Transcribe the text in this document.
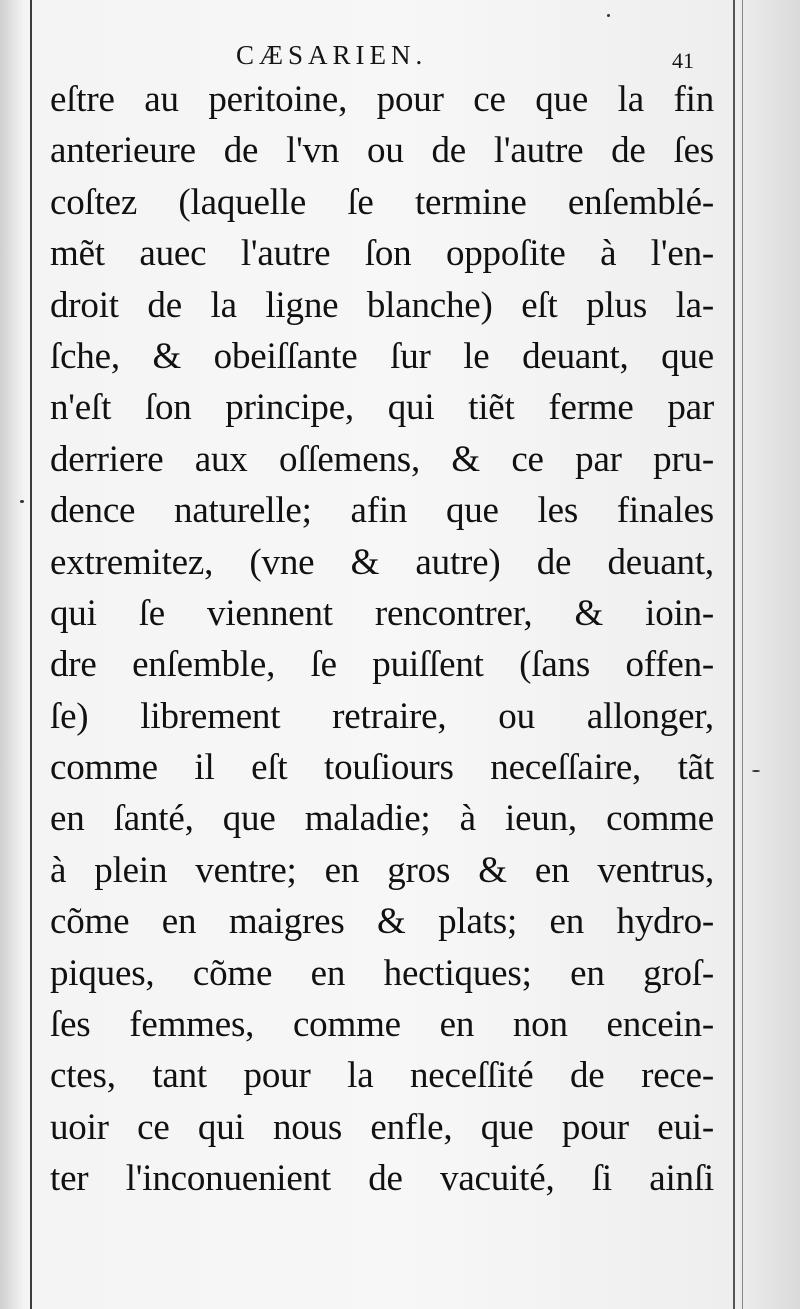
CÆSARIEN.	41
eſtre au peritoine, pour ce que la fin
anterieure de l'vn ou de l'autre de ſes
coſtez (laquelle ſe termine enſemblé-
mẽt auec l'autre ſon oppoſite à l'en-
droit de la ligne blanche) eſt plus la-
ſche, & obeiſſante ſur le deuant, que
n'eſt ſon principe, qui tiẽt ferme par
derriere aux oſſemens, & ce par pru-
dence naturelle; afin que les finales
extremitez, (vne & autre) de deuant,
qui ſe viennent rencontrer, & ioin-
dre enſemble, ſe puiſſent (ſans offen-
ſe) librement retraire, ou allonger,
comme il eſt touſiours neceſſaire, tãt
en ſanté, que maladie; à ieun, comme
à plein ventre; en gros & en ventrus,
cõme en maigres & plats; en hydro-
piques, cõme en hectiques; en groſ-
ſes femmes, comme en non encein-
ctes, tant pour la neceſſité de rece-
uoir ce qui nous enfle, que pour eui-
ter l'inconuenient de vacuité, ſi ainſi
